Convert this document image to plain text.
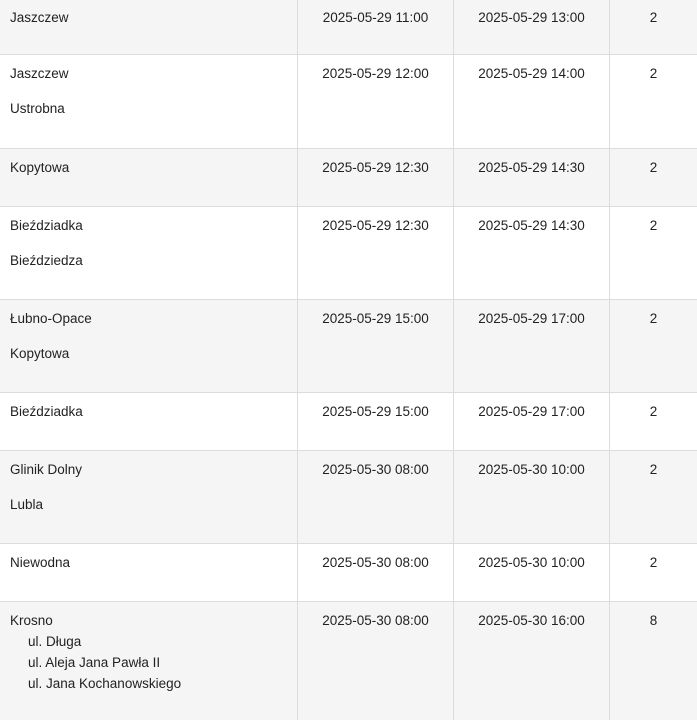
Jaszczew	2025-05-29 11:00	2025-05-29 13:00	2
Jaszczew
Ustrobna
2025-05-29 12:00	2025-05-29 14:00	2
Kopytowa	2025-05-29 12:30	2025-05-29 14:30	2
Bieździadka
Bieździedza
2025-05-29 12:30	2025-05-29 14:30	2
Łubno-Opace
Kopytowa
2025-05-29 15:00	2025-05-29 17:00	2
Bieździadka	2025-05-29 15:00	2025-05-29 17:00	2
Glinik Dolny
Lubla
2025-05-30 08:00	2025-05-30 10:00	2
Niewodna	2025-05-30 08:00	2025-05-30 10:00	2
Krosno
ul. Długa
ul. Aleja Jana Pawła II
ul. Jana Kochanowskiego
2025-05-30 08:00	2025-05-30 16:00	8
